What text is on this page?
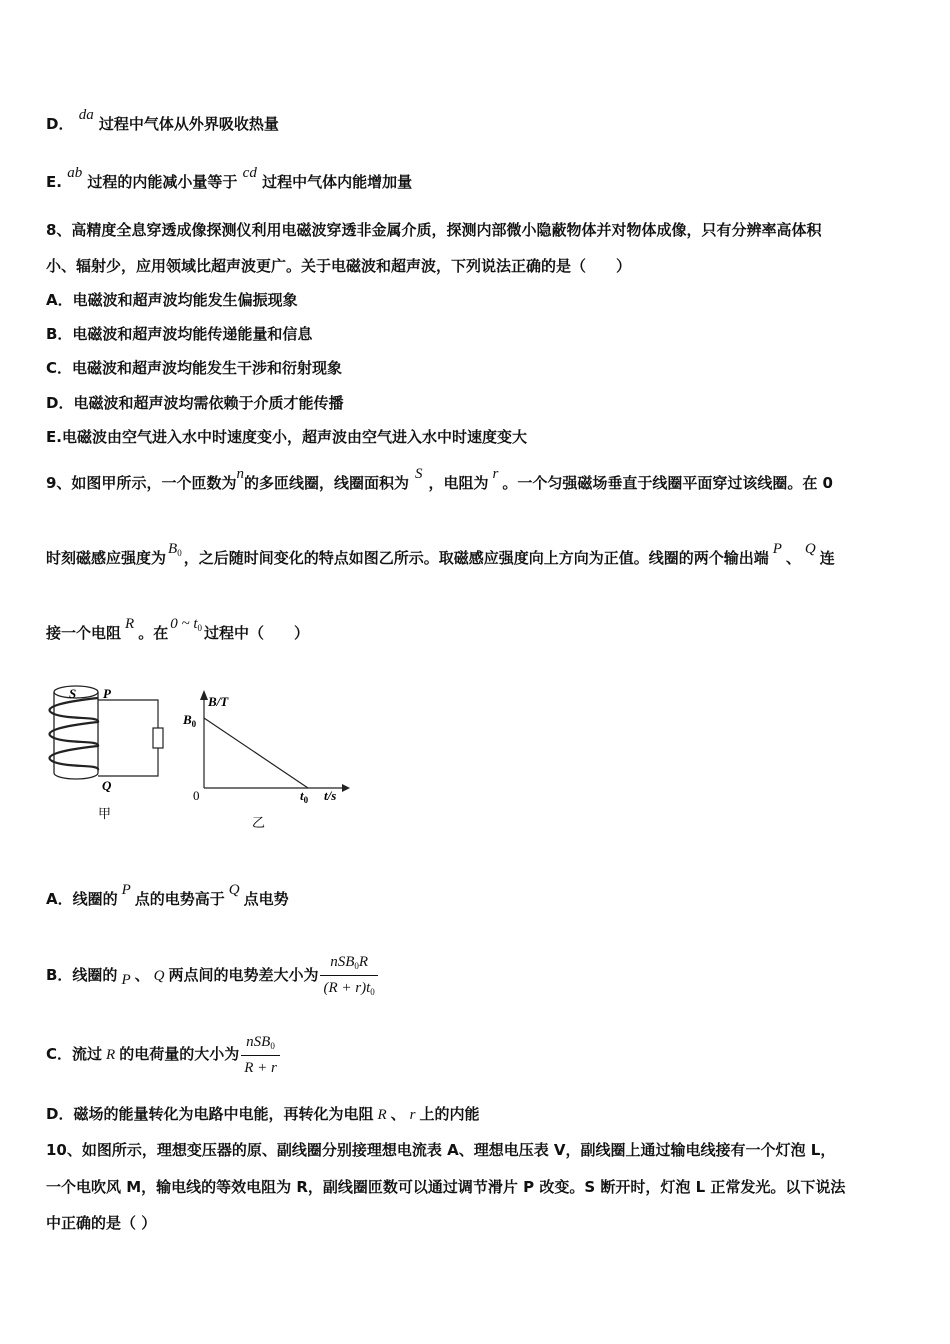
D． da 过程中气体从外界吸收热量
E. ab 过程的内能减小量等于 cd 过程中气体内能增加量
8、高精度全息穿透成像探测仪利用电磁波穿透非金属介质，探测内部微小隐蔽物体并对物体成像，只有分辨率高体积
小、辐射少，应用领域比超声波更广。关于电磁波和超声波，下列说法正确的是（　　）
A．电磁波和超声波均能发生偏振现象
B．电磁波和超声波均能传递能量和信息
C．电磁波和超声波均能发生干涉和衍射现象
D．电磁波和超声波均需依赖于介质才能传播
E.电磁波由空气进入水中时速度变小，超声波由空气进入水中时速度变大
9、如图甲所示，一个匝数为n的多匝线圈，线圈面积为 S ，电阻为 r 。一个匀强磁场垂直于线圈平面穿过该线圈。在 0
时刻磁感应强度为 $B_0$ ，之后随时间变化的特点如图乙所示。取磁感应强度向上方向为正值。线圈的两个输出端 P 、 Q 连
接一个电阻 R 。在 0 ~ $t_0$ 过程中（　　）
S P
Q
甲
B/T
$B_0$
0	$t_0$ t/s
乙
A．线圈的 P 点的电势高于 Q 点电势
B．线圈的 P 、 Q 两点间的电势差大小为 $\frac{nSB_0R}{(R + r)t_0}$
C．流过 R 的电荷量的大小为 $\frac{nSB_0}{R + r}$
D．磁场的能量转化为电路中电能，再转化为电阻 R 、 r 上的内能
10、如图所示，理想变压器的原、副线圈分别接理想电流表 A、理想电压表 V，副线圈上通过输电线接有一个灯泡 L，
一个电吹风 M，输电线的等效电阻为 R，副线圈匝数可以通过调节滑片 P 改变。S 断开时，灯泡 L 正常发光。以下说法
中正确的是（ ）
